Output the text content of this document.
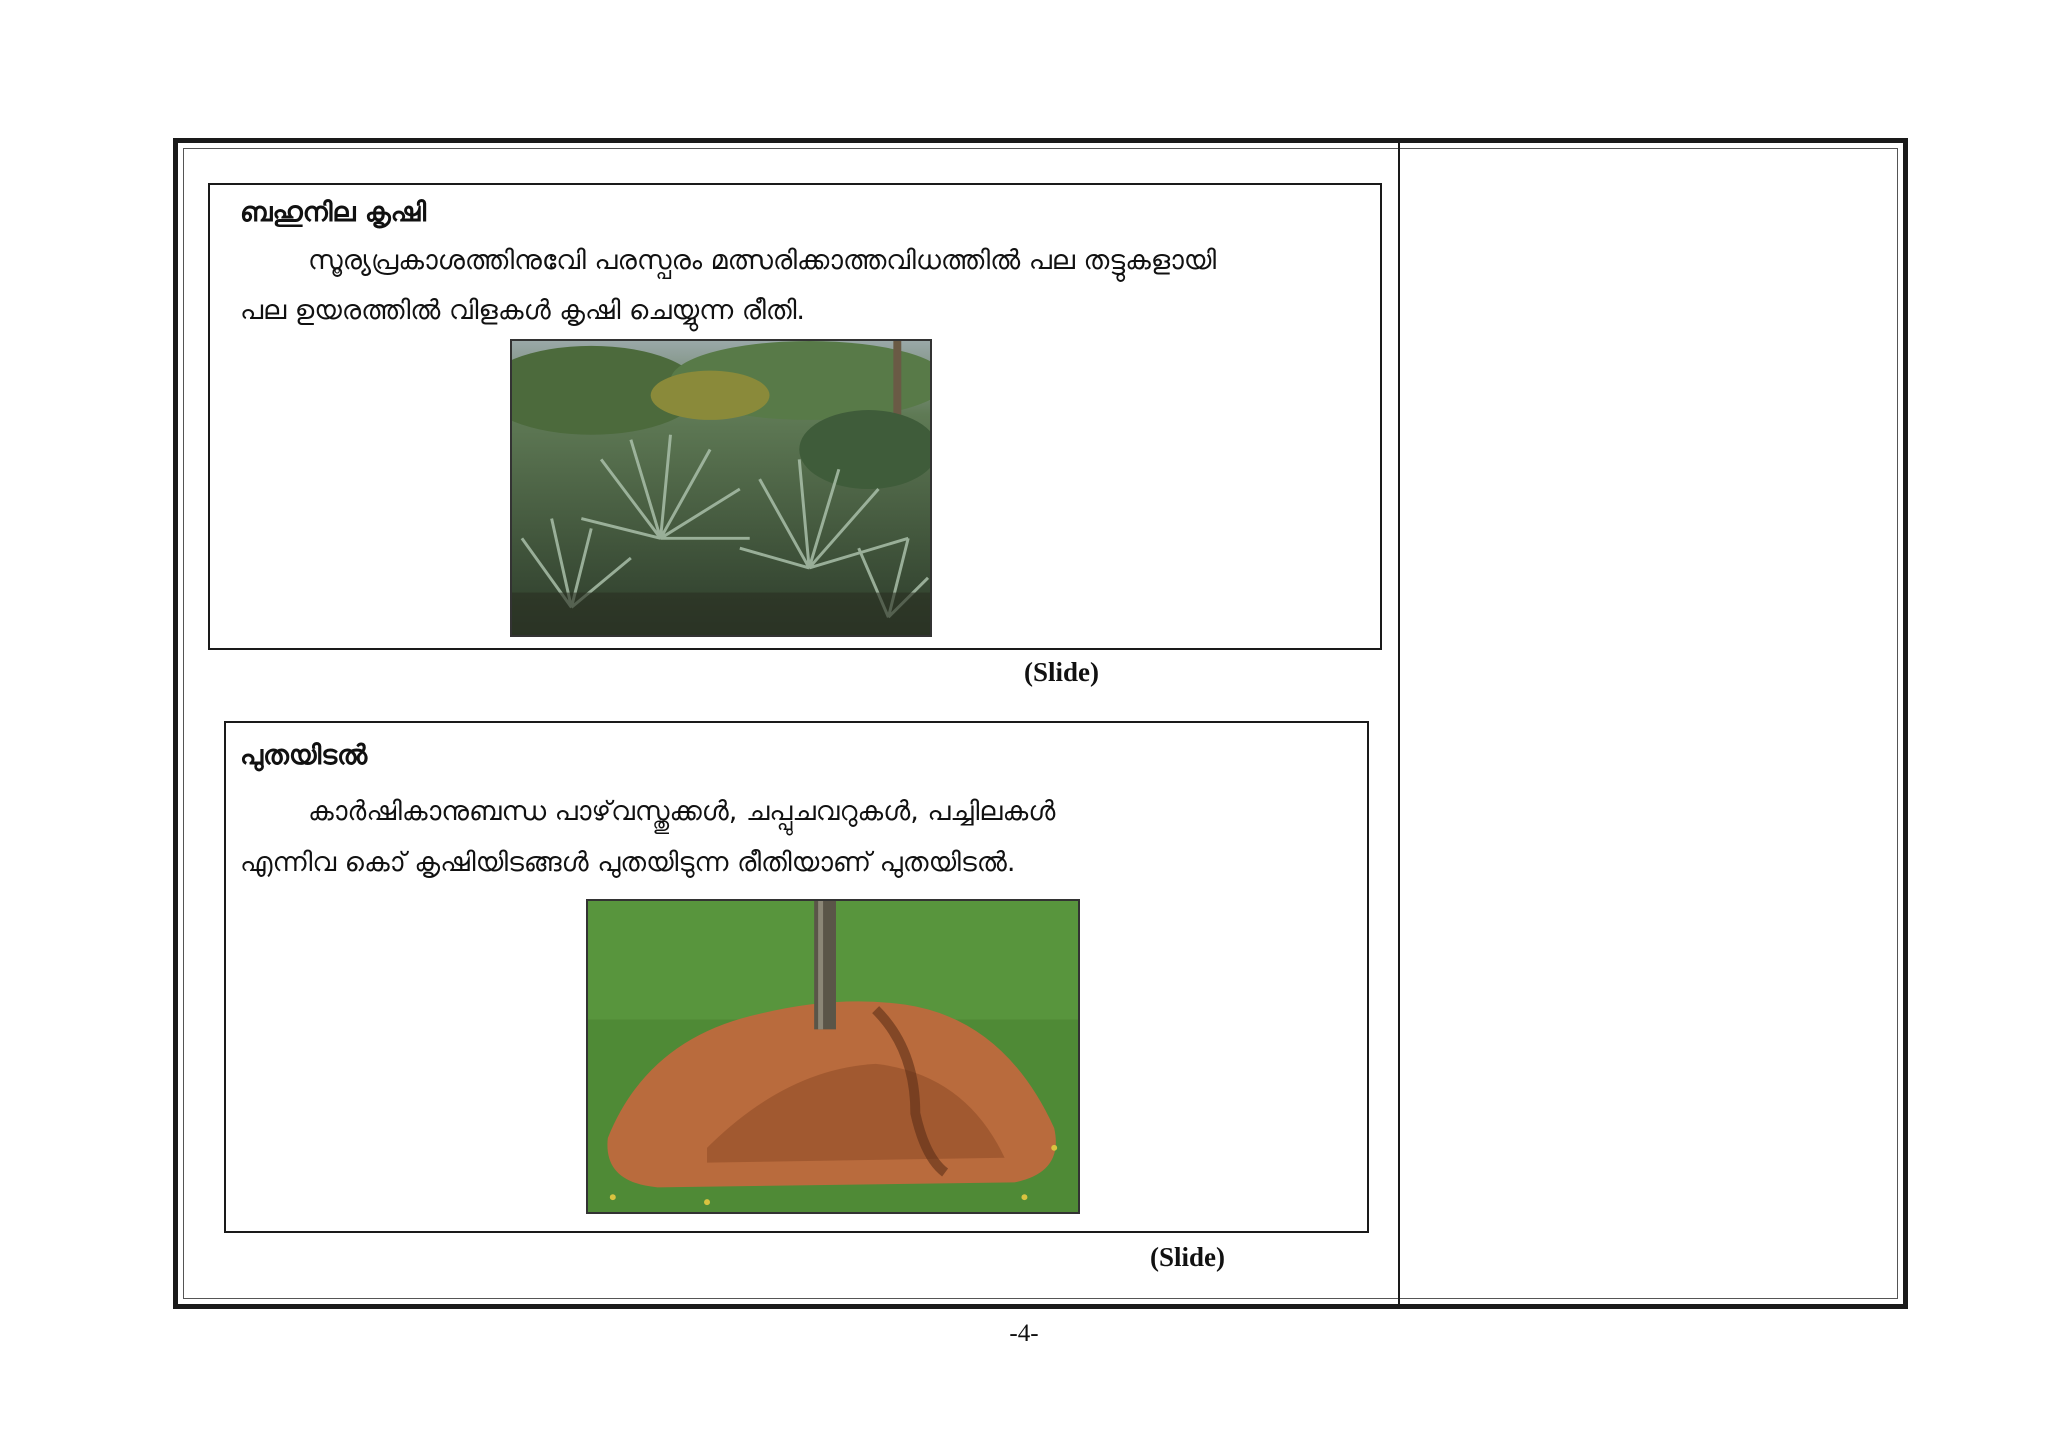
ബഹുനില കൃഷി
സൂര്യപ്രകാശത്തിനുവേി പരസ്പരം മത്സരിക്കാത്തവിധത്തിൽ പല തട്ടുകളായി
പല ഉയരത്തിൽ വിളകൾ കൃഷി ചെയ്യുന്ന രീതി.
(Slide)
പുതയിടൽ
കാർഷികാനുബന്ധ പാഴ്‌വസ്തുക്കൾ, ചപ്പുചവറുകൾ, പച്ചിലകൾ
എന്നിവ കൊ് കൃഷിയിടങ്ങൾ പുതയിടുന്ന രീതിയാണ് പുതയിടൽ.
(Slide)
-4-
